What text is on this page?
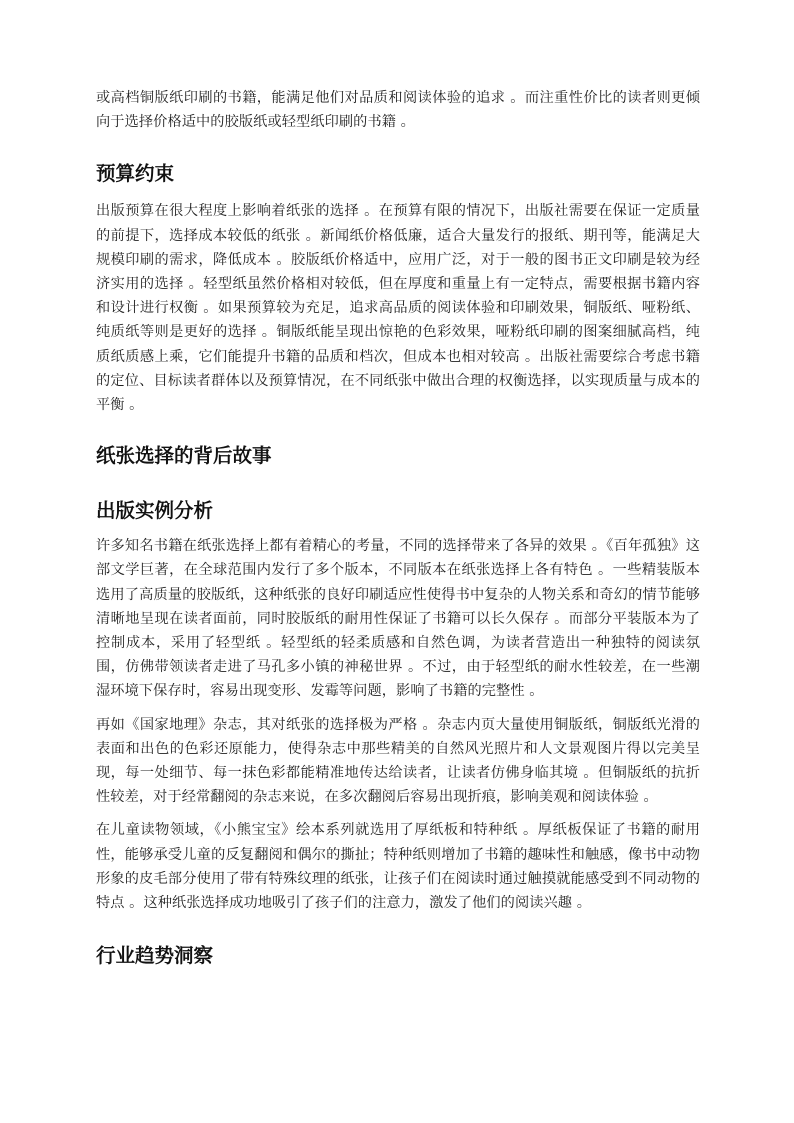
或高档铜版纸印刷的书籍，能满足他们对品质和阅读体验的追求 。而注重性价比的读者则更倾向于选择价格适中的胶版纸或轻型纸印刷的书籍 。

预算约束

出版预算在很大程度上影响着纸张的选择 。在预算有限的情况下，出版社需要在保证一定质量的前提下，选择成本较低的纸张 。新闻纸价格低廉，适合大量发行的报纸、期刊等，能满足大规模印刷的需求，降低成本 。胶版纸价格适中，应用广泛，对于一般的图书正文印刷是较为经济实用的选择 。轻型纸虽然价格相对较低，但在厚度和重量上有一定特点，需要根据书籍内容和设计进行权衡 。如果预算较为充足，追求高品质的阅读体验和印刷效果，铜版纸、哑粉纸、纯质纸等则是更好的选择 。铜版纸能呈现出惊艳的色彩效果，哑粉纸印刷的图案细腻高档，纯质纸质感上乘，它们能提升书籍的品质和档次，但成本也相对较高 。出版社需要综合考虑书籍的定位、目标读者群体以及预算情况，在不同纸张中做出合理的权衡选择，以实现质量与成本的平衡 。

纸张选择的背后故事
出版实例分析

许多知名书籍在纸张选择上都有着精心的考量，不同的选择带来了各异的效果 。《百年孤独》这部文学巨著，在全球范围内发行了多个版本，不同版本在纸张选择上各有特色 。一些精装版本选用了高质量的胶版纸，这种纸张的良好印刷适应性使得书中复杂的人物关系和奇幻的情节能够清晰地呈现在读者面前，同时胶版纸的耐用性保证了书籍可以长久保存 。而部分平装版本为了控制成本，采用了轻型纸 。轻型纸的轻柔质感和自然色调，为读者营造出一种独特的阅读氛围，仿佛带领读者走进了马孔多小镇的神秘世界 。不过，由于轻型纸的耐水性较差，在一些潮湿环境下保存时，容易出现变形、发霉等问题，影响了书籍的完整性 。

再如《国家地理》杂志，其对纸张的选择极为严格 。杂志内页大量使用铜版纸，铜版纸光滑的表面和出色的色彩还原能力，使得杂志中那些精美的自然风光照片和人文景观图片得以完美呈现，每一处细节、每一抹色彩都能精准地传达给读者，让读者仿佛身临其境 。但铜版纸的抗折性较差，对于经常翻阅的杂志来说，在多次翻阅后容易出现折痕，影响美观和阅读体验 。

在儿童读物领域，《小熊宝宝》绘本系列就选用了厚纸板和特种纸 。厚纸板保证了书籍的耐用性，能够承受儿童的反复翻阅和偶尔的撕扯；特种纸则增加了书籍的趣味性和触感，像书中动物形象的皮毛部分使用了带有特殊纹理的纸张，让孩子们在阅读时通过触摸就能感受到不同动物的特点 。这种纸张选择成功地吸引了孩子们的注意力，激发了他们的阅读兴趣 。

行业趋势洞察
